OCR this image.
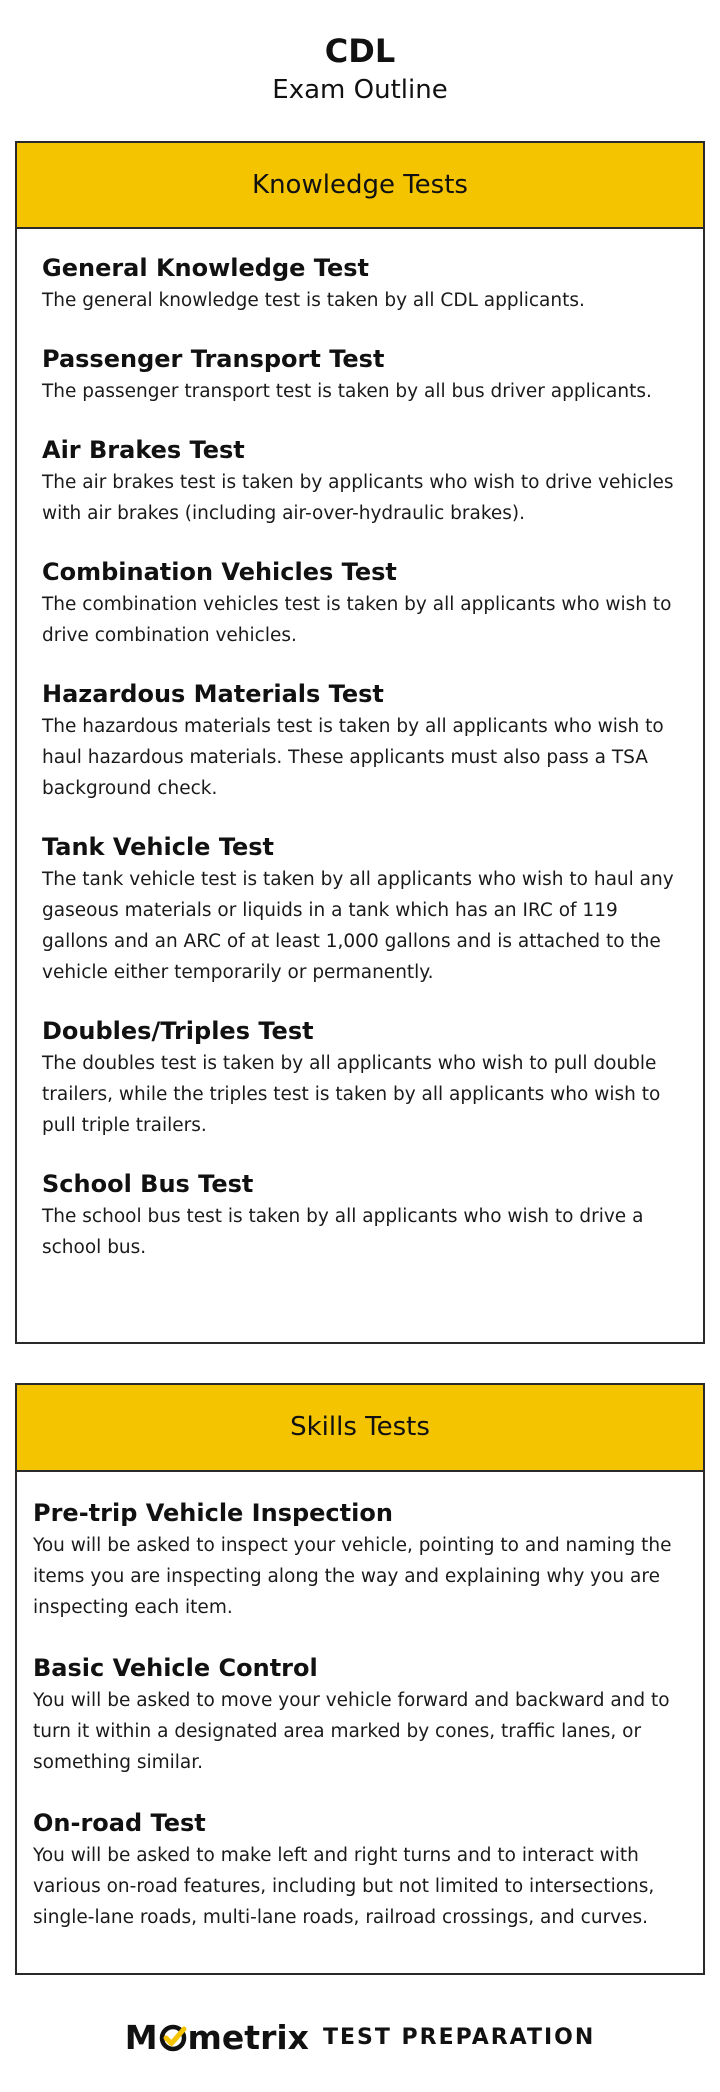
CDL
Exam Outline
Knowledge Tests
General Knowledge Test
The general knowledge test is taken by all CDL applicants.
Passenger Transport Test
The passenger transport test is taken by all bus driver applicants.
Air Brakes Test
The air brakes test is taken by applicants who wish to drive vehicles with air brakes (including air-over-hydraulic brakes).
Combination Vehicles Test
The combination vehicles test is taken by all applicants who wish to drive combination vehicles.
Hazardous Materials Test
The hazardous materials test is taken by all applicants who wish to haul hazardous materials. These applicants must also pass a TSA background check.
Tank Vehicle Test
The tank vehicle test is taken by all applicants who wish to haul any gaseous materials or liquids in a tank which has an IRC of 119 gallons and an ARC of at least 1,000 gallons and is attached to the vehicle either temporarily or permanently.
Doubles/Triples Test
The doubles test is taken by all applicants who wish to pull double trailers, while the triples test is taken by all applicants who wish to pull triple trailers.
School Bus Test
The school bus test is taken by all applicants who wish to drive a school bus.
Skills Tests
Pre-trip Vehicle Inspection
You will be asked to inspect your vehicle, pointing to and naming the items you are inspecting along the way and explaining why you are inspecting each item.
Basic Vehicle Control
You will be asked to move your vehicle forward and backward and to turn it within a designated area marked by cones, traffic lanes, or something similar.
On-road Test
You will be asked to make left and right turns and to interact with various on-road features, including but not limited to intersections, single-lane roads, multi-lane roads, railroad crossings, and curves.
M metrix TEST PREPARATION
